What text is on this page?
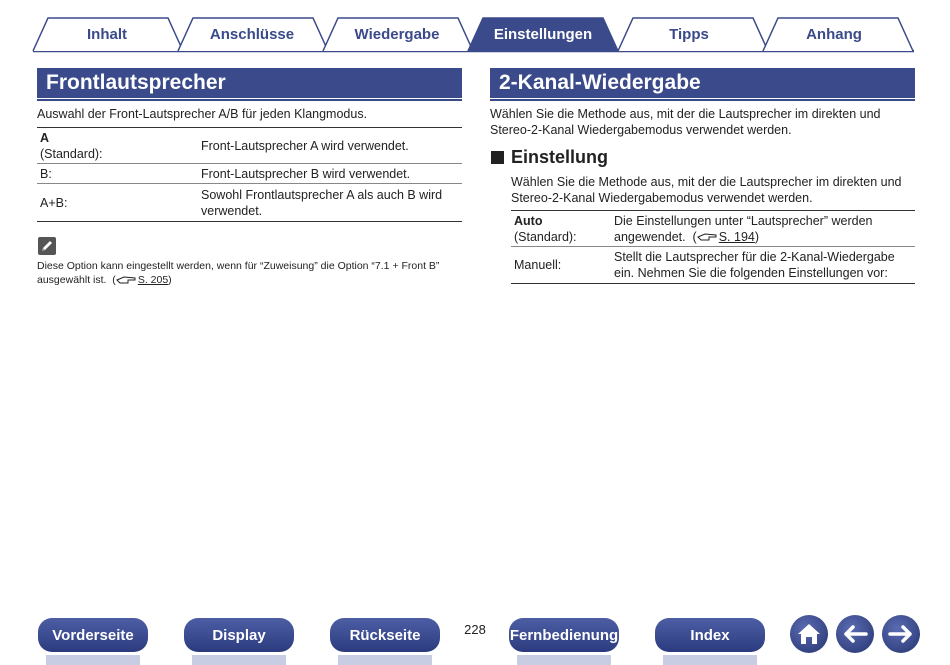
Inhalt	Anschlüsse	Wiedergabe	Einstellungen	Tipps	Anhang
Frontlautsprecher
Auswahl der Front-Lautsprecher A/B für jeden Klangmodus.
A
(Standard):	Front-Lautsprecher A wird verwendet.
B:	Front-Lautsprecher B wird verwendet.
A+B:	Sowohl Frontlautsprecher A als auch B wird verwendet.
Diese Option kann eingestellt werden, wenn für “Zuweisung” die Option “7.1 + Front B” ausgewählt ist.  ( S. 205)
2-Kanal-Wiedergabe
Wählen Sie die Methode aus, mit der die Lautsprecher im direkten und Stereo-2-Kanal Wiedergabemodus verwendet werden.
Einstellung
Wählen Sie die Methode aus, mit der die Lautsprecher im direkten und Stereo-2-Kanal Wiedergabemodus verwendet werden.
Auto
(Standard):	Die Einstellungen unter “Lautsprecher” werden angewendet.  ( S. 194)
Manuell:	Stellt die Lautsprecher für die 2-Kanal-Wiedergabe ein. Nehmen Sie die folgenden Einstellungen vor:
Vorderseite	Display	Rückseite	228	Fernbedienung	Index
